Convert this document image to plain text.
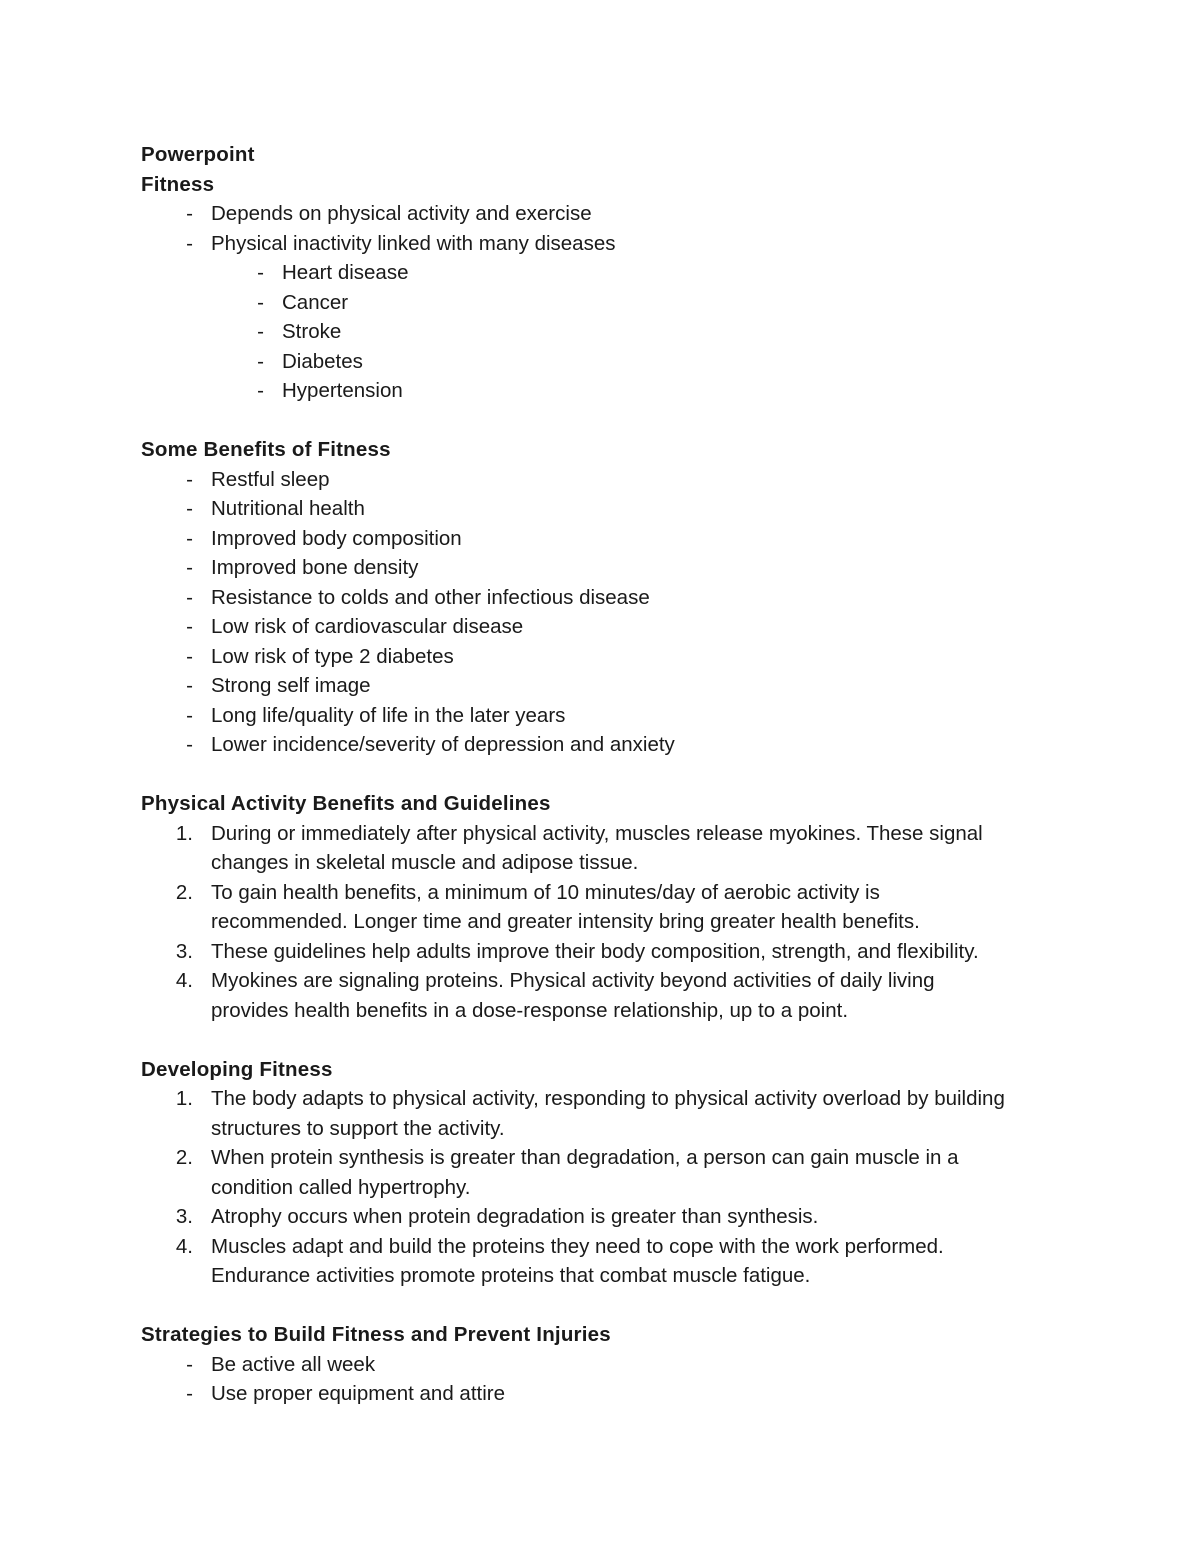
Powerpoint
Fitness
- Depends on physical activity and exercise
- Physical inactivity linked with many diseases
- Heart disease
- Cancer
- Stroke
- Diabetes
- Hypertension
Some Benefits of Fitness
- Restful sleep
- Nutritional health
- Improved body composition
- Improved bone density
- Resistance to colds and other infectious disease
- Low risk of cardiovascular disease
- Low risk of type 2 diabetes
- Strong self image
- Long life/quality of life in the later years
- Lower incidence/severity of depression and anxiety
Physical Activity Benefits and Guidelines
1. During or immediately after physical activity, muscles release myokines. These signal
changes in skeletal muscle and adipose tissue.
2. To gain health benefits, a minimum of 10 minutes/day of aerobic activity is
recommended. Longer time and greater intensity bring greater health benefits.
3. These guidelines help adults improve their body composition, strength, and flexibility.
4. Myokines are signaling proteins. Physical activity beyond activities of daily living
provides health benefits in a dose-response relationship, up to a point.
Developing Fitness
1. The body adapts to physical activity, responding to physical activity overload by building
structures to support the activity.
2. When protein synthesis is greater than degradation, a person can gain muscle in a
condition called hypertrophy.
3. Atrophy occurs when protein degradation is greater than synthesis.
4. Muscles adapt and build the proteins they need to cope with the work performed.
Endurance activities promote proteins that combat muscle fatigue.
Strategies to Build Fitness and Prevent Injuries
- Be active all week
- Use proper equipment and attire
